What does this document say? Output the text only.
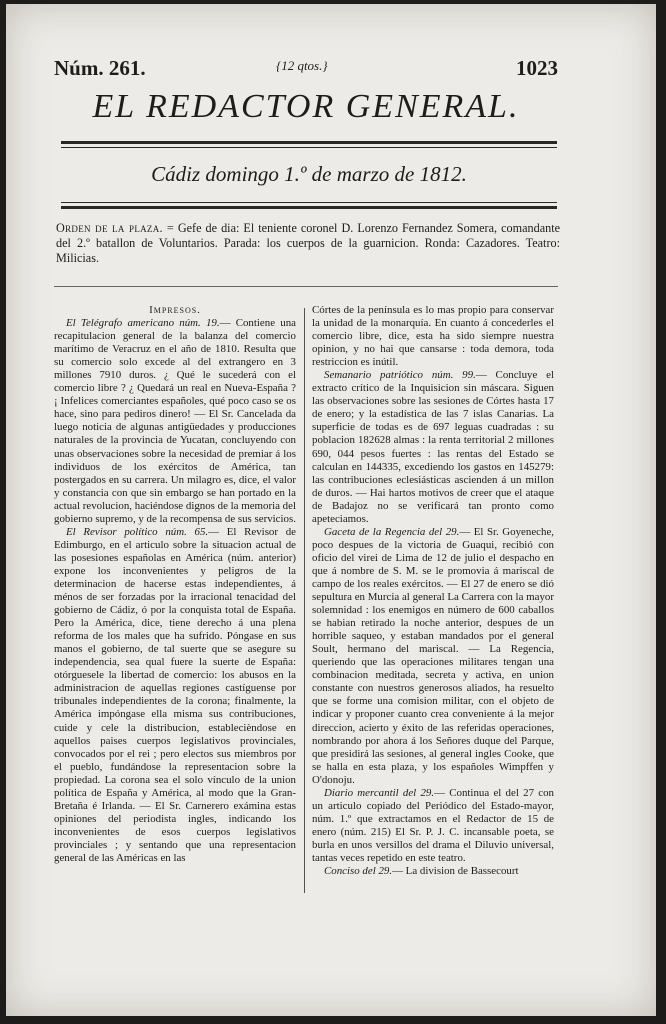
Núm. 261.	{12 qtos.}	1023
EL REDACTOR GENERAL.
Cádiz domingo 1.º de marzo de 1812.
Orden de la plaza. = Gefe de dia: El teniente coronel D. Lorenzo Fernandez Somera, comandante del 2.º batallon de Voluntarios. Parada: los cuerpos de la guarnicion. Ronda: Cazadores. Teatro: Milicias.

Impresos.

El Telégrafo americano núm. 19.— Contiene una recapitulacion general de la balanza del comercio marítimo de Veracruz en el año de 1810. Resulta que su comercio solo excede al del extrangero en 3 millones 7910 duros. ¿ Qué le sucederá con el comercio libre ? ¿ Quedará un real en Nueva-España ? ¡ Infelices comerciantes españoles, qué poco caso se os hace, sino para pediros dinero! — El Sr. Cancelada da luego noticia de algunas antigüedades y producciones naturales de la provincia de Yucatan, concluyendo con unas observaciones sobre la necesidad de premiar á los individuos de los exércitos de América, tan postergados en su carrera. Un milagro es, dice, el valor y constancia con que sin embargo se han portado en la actual revolucion, haciéndose dignos de la memoria del gobierno supremo, y de la recompensa de sus servicios.

El Revisor político núm. 65.— El Revisor de Edimburgo, en el articulo sobre la situacion actual de las posesiones españolas en América (núm. anterior) expone los inconvenientes y peligros de la determinacion de hacerse estas independientes, á ménos de ser forzadas por la irracional tenacidad del gobierno de Cádiz, ó por la conquista total de España. Pero la América, dice, tiene derecho á una plena reforma de los males que ha sufrido. Póngase en sus manos el gobierno, de tal suerte que se asegure su independencia, sea qual fuere la suerte de España: otórguesele la libertad de comercio: los abusos en la administracion de aquellas regiones castíguense por tribunales independientes de la corona; finalmente, la América impóngase ella misma sus contribuciones, cuide y cele la distribucion, establecièndose en aquellos paises cuerpos legislativos provinciales, convocados por el rei ; pero electos sus miembros por el pueblo, fundándose la representacion sobre la propiedad. La corona sea el solo vínculo de la union política de España y América, al modo que la Gran-Bretaña é Irlanda. — El Sr. Carnerero exámina estas opiniones del periodista ingles, indicando los inconvenientes de esos cuerpos legislativos provinciales ; y sentando que una representacion general de las Américas en las

Córtes de la península es lo mas propio para conservar la unidad de la monarquía. En cuanto á concederles el comercio libre, dice, esta ha sido siempre nuestra opinion, y no hai que cansarse : toda demora, toda restriccion es inútil.

Semanario patriótico núm. 99.— Concluye el extracto crítico de la Inquisicion sin máscara. Siguen las observaciones sobre las sesiones de Córtes hasta 17 de enero; y la estadística de las 7 islas Canarias. La superficie de todas es de 697 leguas cuadradas : su poblacion 182628 almas : la renta territorial 2 millones 690, 044 pesos fuertes : las rentas del Estado se calculan en 144335, excediendo los gastos en 145279: las contribuciones eclesiásticas ascienden á un millon de duros. — Hai hartos motivos de creer que el ataque de Badajoz no se verificará tan pronto como apeteciamos.

Gaceta de la Regencia del 29.— El Sr. Goyeneche, poco despues de la victoria de Guaqui, recibió con oficio del virei de Lima de 12 de julio el despacho en que á nombre de S. M. se le promovia á mariscal de campo de los reales exércitos. — El 27 de enero se dió sepultura en Murcia al general La Carrera con la mayor solemnidad : los enemigos en número de 600 caballos se habian retirado la noche anterior, despues de un horrible saqueo, y estaban mandados por el general Soult, hermano del mariscal. — La Regencia, queriendo que las operaciones militares tengan una combinacion meditada, secreta y activa, en union constante con nuestros generosos aliados, ha resuelto que se forme una comision militar, con el objeto de indicar y proponer cuanto crea conveniente á la mejor direccion, acierto y éxito de las referidas operaciones, nombrando por ahora á los Señores duque del Parque, que presidirá las sesiones, al general ingles Cooke, que se halla en esta plaza, y los españoles Wimpffen y O'donoju.

Diario mercantil del 29.— Continua el del 27 con un articulo copiado del Periódico del Estado-mayor, núm. 1.º que extractamos en el Redactor de 15 de enero (núm. 215) El Sr. P. J. C. incansable poeta, se burla en unos versillos del drama el Diluvio universal, tantas veces repetido en este teatro.

Conciso del 29.— La division de Bassecourt
